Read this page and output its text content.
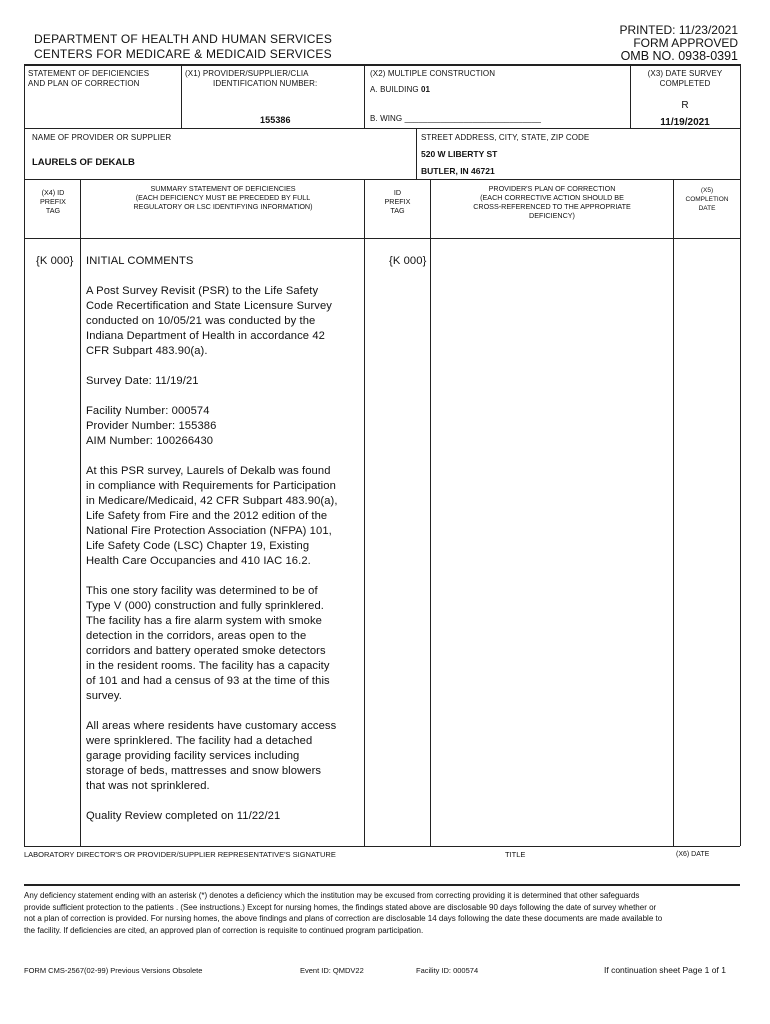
DEPARTMENT OF HEALTH AND HUMAN SERVICES
CENTERS FOR MEDICARE & MEDICAID SERVICES
PRINTED: 11/23/2021
FORM APPROVED
OMB NO. 0938-0391
STATEMENT OF DEFICIENCIES
AND PLAN OF CORRECTION
(X1) PROVIDER/SUPPLIER/CLIA
IDENTIFICATION NUMBER:
155386
(X2) MULTIPLE CONSTRUCTION
A. BUILDING 01
B. WING ______________________________
(X3) DATE SURVEY
COMPLETED
R
11/19/2021
NAME OF PROVIDER OR SUPPLIER
LAURELS OF DEKALB
STREET ADDRESS, CITY, STATE, ZIP CODE
520 W LIBERTY ST
BUTLER, IN 46721
(X4) ID
PREFIX
TAG
SUMMARY STATEMENT OF DEFICIENCIES
(EACH DEFICIENCY MUST BE PRECEDED BY FULL
REGULATORY OR LSC IDENTIFYING INFORMATION)
ID
PREFIX
TAG
PROVIDER'S PLAN OF CORRECTION
(EACH CORRECTIVE ACTION SHOULD BE
CROSS-REFERENCED TO THE APPROPRIATE
DEFICIENCY)
(X5)
COMPLETION
DATE
{K 000}	{K 000}
INITIAL COMMENTS
A Post Survey Revisit (PSR) to the Life Safety
Code Recertification and State Licensure Survey
conducted on 10/05/21 was conducted by the
Indiana Department of Health in accordance 42
CFR Subpart 483.90(a).
Survey Date: 11/19/21
Facility Number: 000574
Provider Number: 155386
AIM Number: 100266430
At this PSR survey, Laurels of Dekalb was found
in compliance with Requirements for Participation
in Medicare/Medicaid, 42 CFR Subpart 483.90(a),
Life Safety from Fire and the 2012 edition of the
National Fire Protection Association (NFPA) 101,
Life Safety Code (LSC) Chapter 19, Existing
Health Care Occupancies and 410 IAC 16.2.
This one story facility was determined to be of
Type V (000) construction and fully sprinklered.
The facility has a fire alarm system with smoke
detection in the corridors, areas open to the
corridors and battery operated smoke detectors
in the resident rooms. The facility has a capacity
of 101 and had a census of 93 at the time of this
survey.
All areas where residents have customary access
were sprinklered. The facility had a detached
garage providing facility services including
storage of beds, mattresses and snow blowers
that was not sprinklered.
Quality Review completed on 11/22/21
LABORATORY DIRECTOR'S OR PROVIDER/SUPPLIER REPRESENTATIVE'S SIGNATURE	TITLE	(X6) DATE
Any deficiency statement ending with an asterisk (*) denotes a deficiency which the institution may be excused from correcting providing it is determined that other safeguards provide sufficient protection to the patients . (See instructions.) Except for nursing homes, the findings stated above are disclosable 90 days following the date of survey whether or not a plan of correction is provided. For nursing homes, the above findings and plans of correction are disclosable 14 days following the date these documents are made available to the facility. If deficiencies are cited, an approved plan of correction is requisite to continued program participation.
FORM CMS-2567(02-99) Previous Versions Obsolete	Event ID: QMDV22	Facility ID: 000574	If continuation sheet Page 1 of 1
